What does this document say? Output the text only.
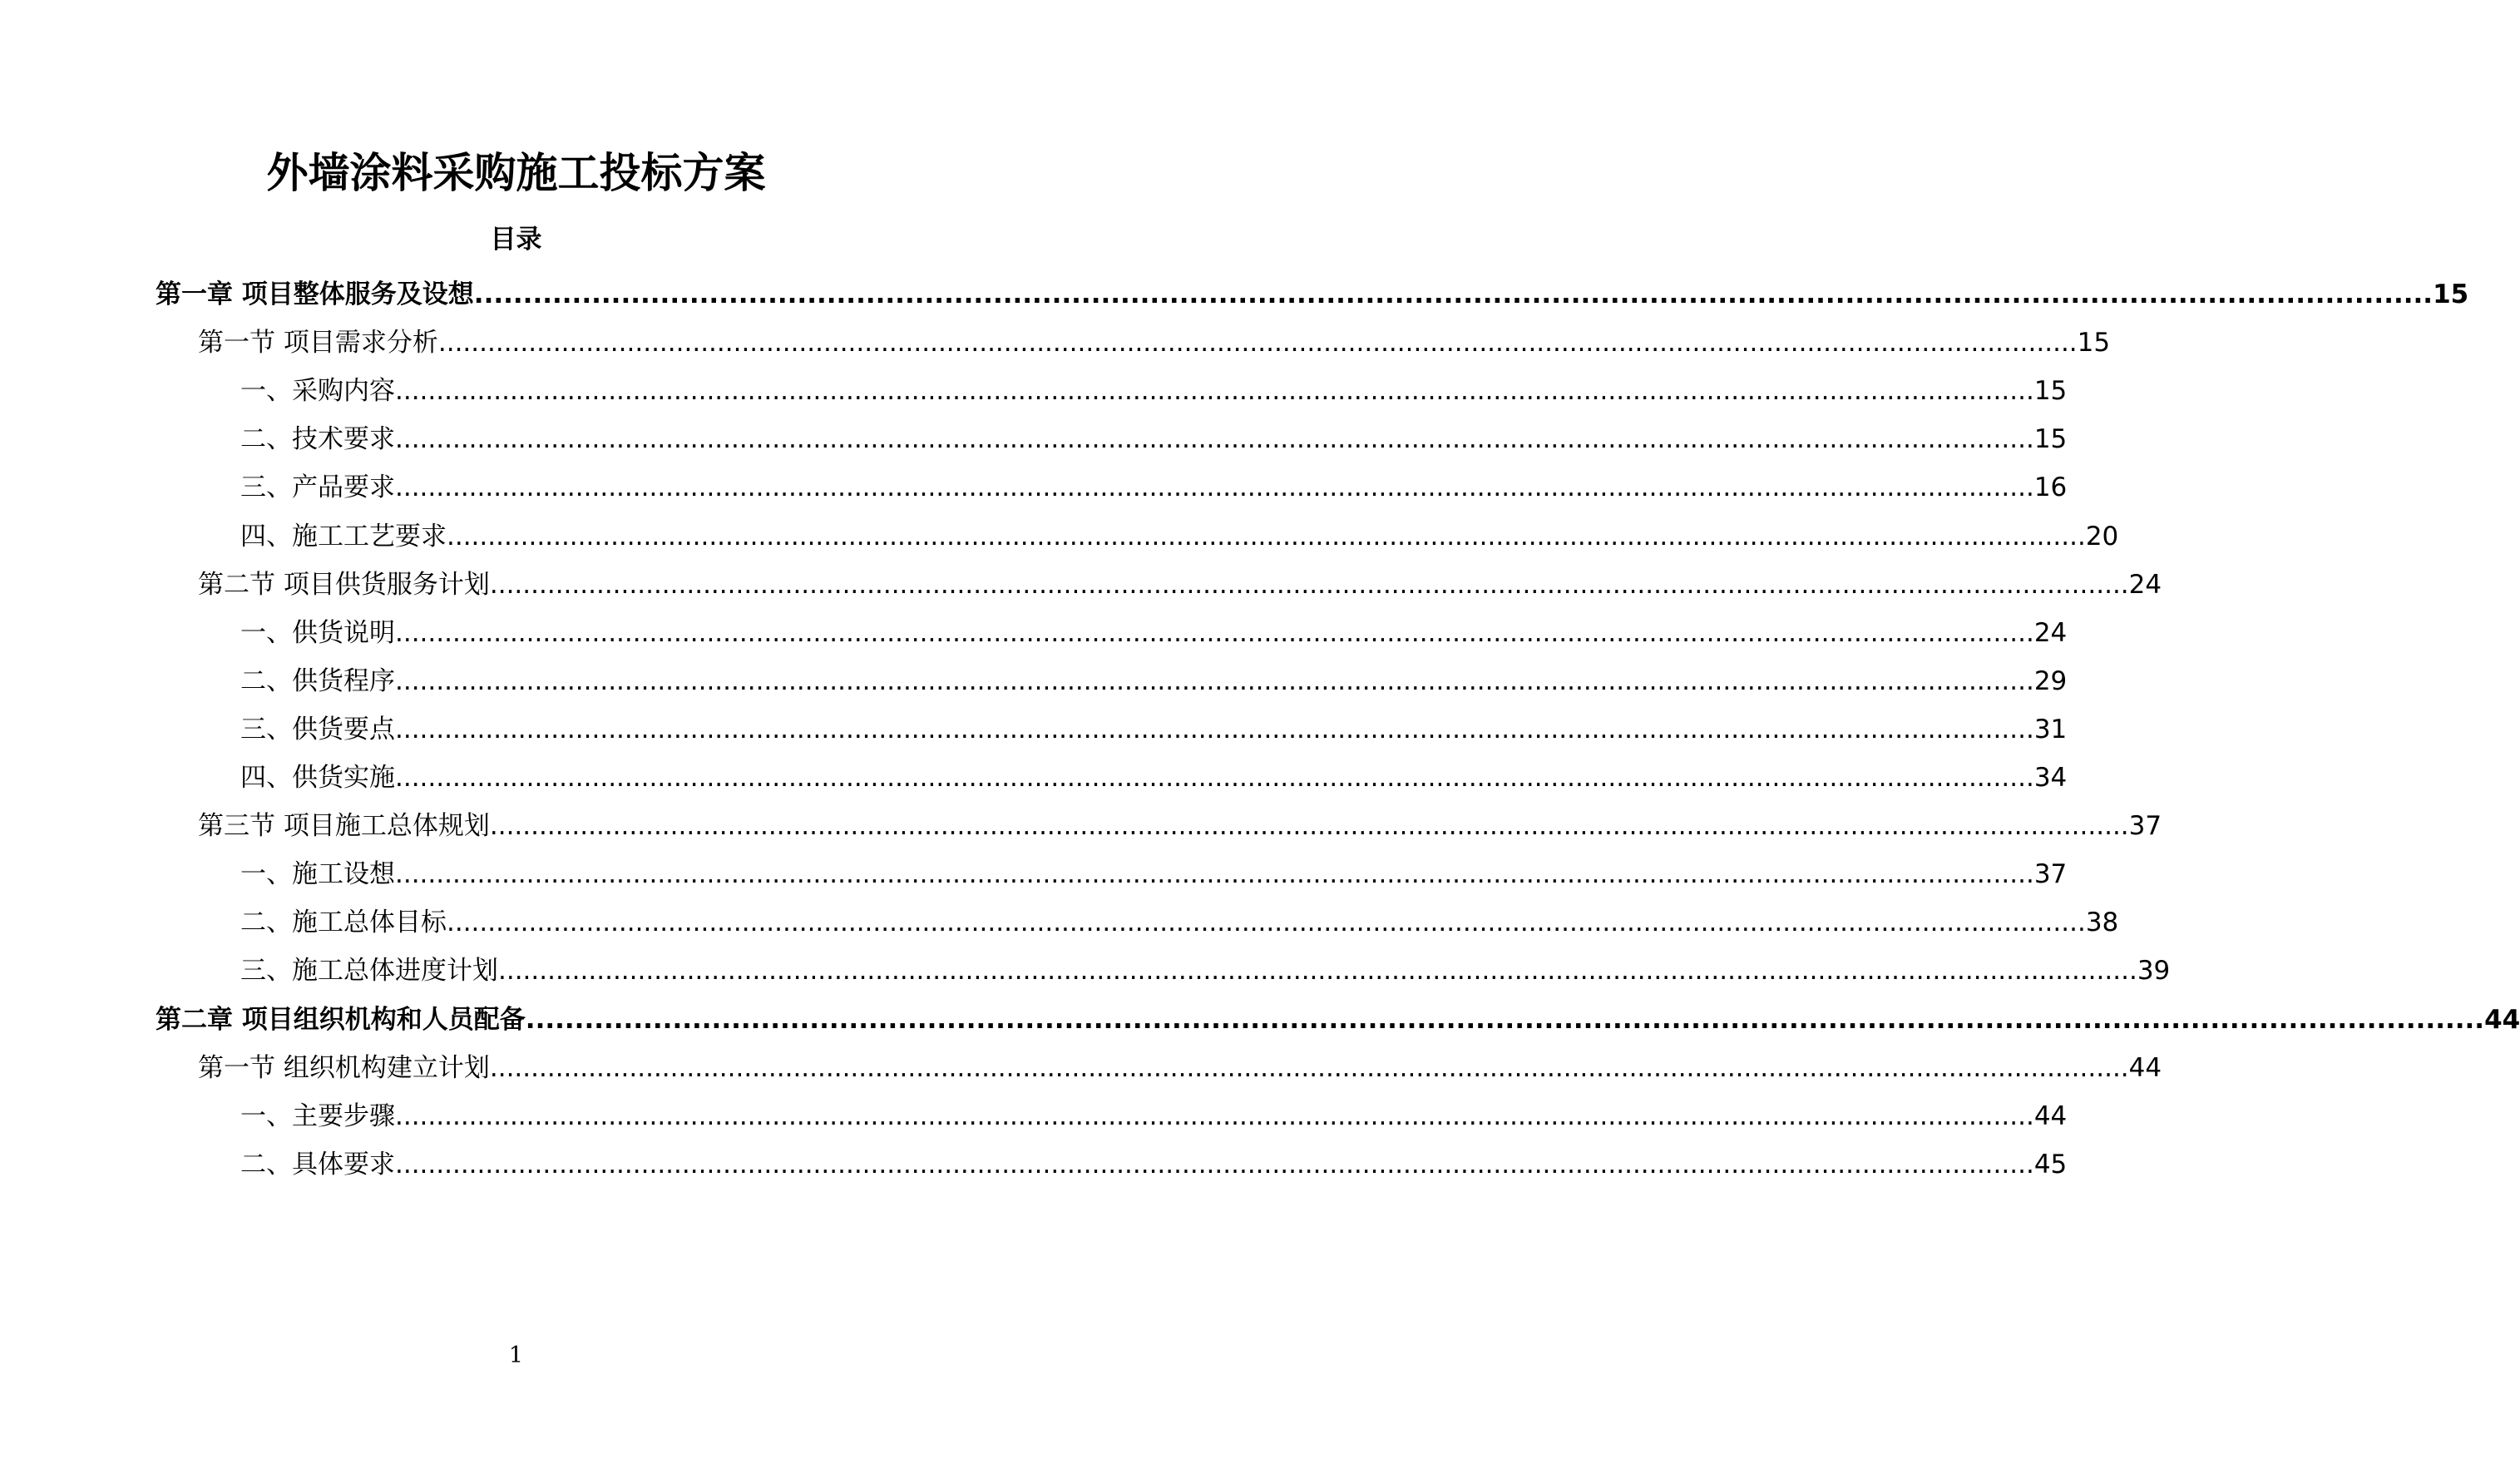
外墙涂料采购施工投标方案
目录
第一章 项目整体服务及设想 ........................................................................................................................................................................................................ 15
第一节 项目需求分析 ........................................................................................................................................................................................................ 15
一、采购内容 ........................................................................................................................................................................................................ 15
二、技术要求 ........................................................................................................................................................................................................ 15
三、产品要求 ........................................................................................................................................................................................................ 16
四、施工工艺要求 ........................................................................................................................................................................................................ 20
第二节 项目供货服务计划 ........................................................................................................................................................................................................ 24
一、供货说明 ........................................................................................................................................................................................................ 24
二、供货程序 ........................................................................................................................................................................................................ 29
三、供货要点 ........................................................................................................................................................................................................ 31
四、供货实施 ........................................................................................................................................................................................................ 34
第三节 项目施工总体规划 ........................................................................................................................................................................................................ 37
一、施工设想 ........................................................................................................................................................................................................ 37
二、施工总体目标 ........................................................................................................................................................................................................ 38
三、施工总体进度计划 ........................................................................................................................................................................................................ 39
第二章 项目组织机构和人员配备 ........................................................................................................................................................................................................ 44
第一节 组织机构建立计划 ........................................................................................................................................................................................................ 44
一、主要步骤 ........................................................................................................................................................................................................ 44
二、具体要求 ........................................................................................................................................................................................................ 45
1
